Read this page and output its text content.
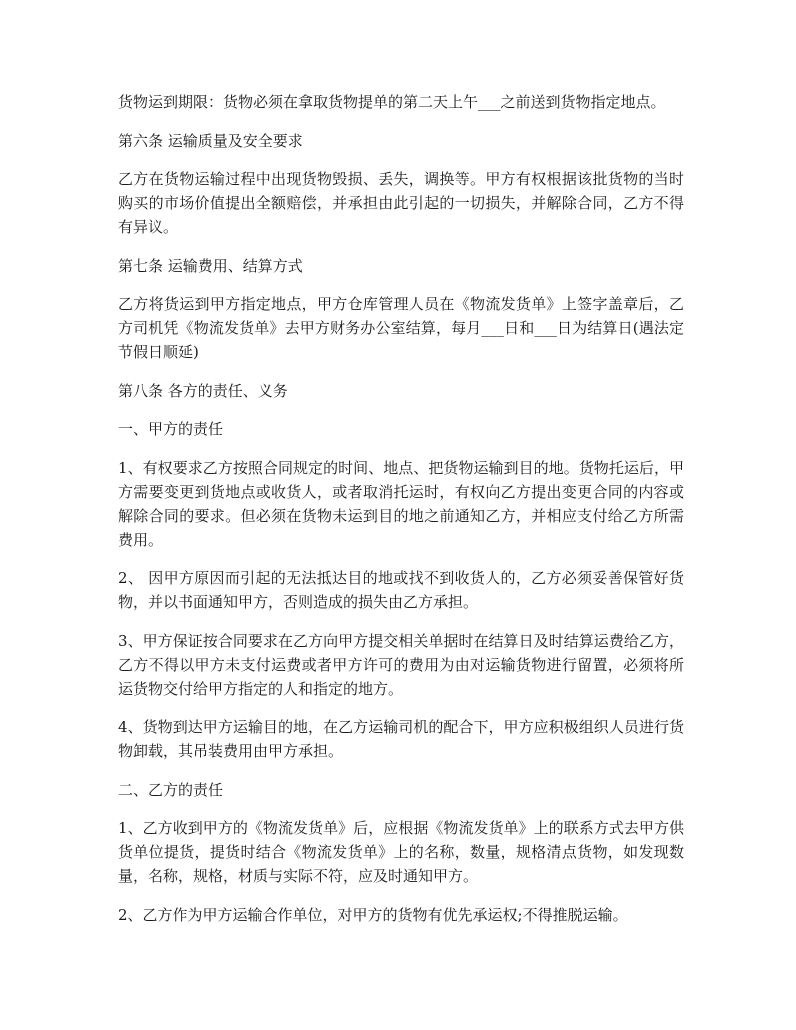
货物运到期限：货物必须在拿取货物提单的第二天上午___之前送到货物指定地点。

第六条 运输质量及安全要求

乙方在货物运输过程中出现货物毁损、丢失，调换等。甲方有权根据该批货物的当时购买的市场价值提出全额赔偿，并承担由此引起的一切损失，并解除合同，乙方不得有异议。

第七条 运输费用、结算方式

乙方将货运到甲方指定地点，甲方仓库管理人员在《物流发货单》上签字盖章后，乙方司机凭《物流发货单》去甲方财务办公室结算，每月___日和___日为结算日(遇法定节假日顺延)

第八条 各方的责任、义务

一、甲方的责任

1、有权要求乙方按照合同规定的时间、地点、把货物运输到目的地。货物托运后，甲方需要变更到货地点或收货人，或者取消托运时，有权向乙方提出变更合同的内容或解除合同的要求。但必须在货物未运到目的地之前通知乙方，并相应支付给乙方所需费用。

2、 因甲方原因而引起的无法抵达目的地或找不到收货人的，乙方必须妥善保管好货物，并以书面通知甲方，否则造成的损失由乙方承担。

3、甲方保证按合同要求在乙方向甲方提交相关单据时在结算日及时结算运费给乙方，乙方不得以甲方未支付运费或者甲方许可的费用为由对运输货物进行留置，必须将所运货物交付给甲方指定的人和指定的地方。

4、货物到达甲方运输目的地，在乙方运输司机的配合下，甲方应积极组织人员进行货物卸载，其吊装费用由甲方承担。

二、乙方的责任

1、乙方收到甲方的《物流发货单》后，应根据《物流发货单》上的联系方式去甲方供货单位提货，提货时结合《物流发货单》上的名称，数量，规格清点货物，如发现数量，名称，规格，材质与实际不符，应及时通知甲方。

2、乙方作为甲方运输合作单位，对甲方的货物有优先承运权;不得推脱运输。
